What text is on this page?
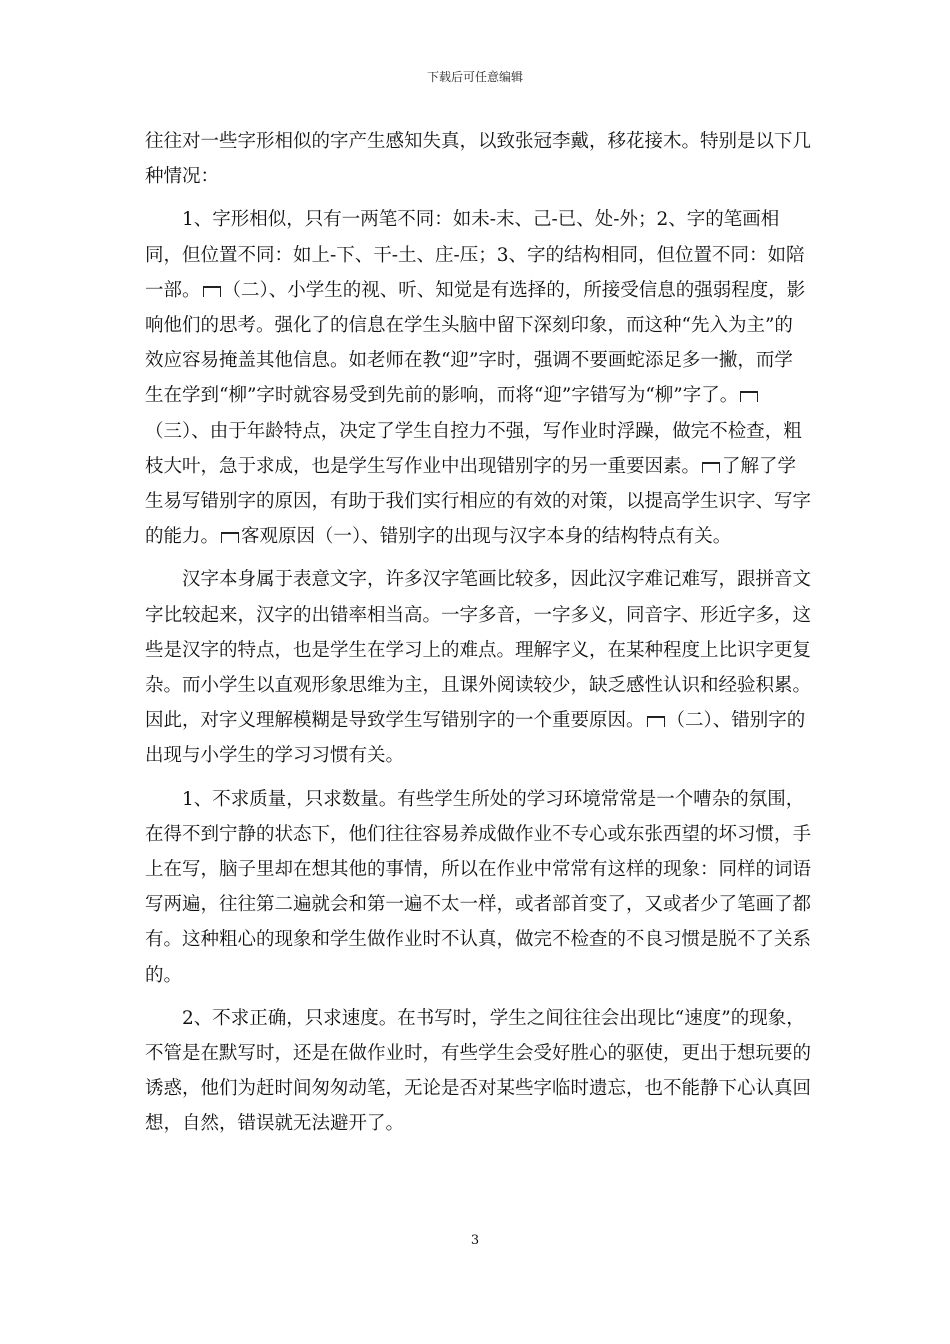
下载后可任意编辑

往往对一些字形相似的字产生感知失真，以致张冠李戴，移花接木。特别是以下几种情况：

1、字形相似，只有一两笔不同：如未-末、己-已、处-外；2、字的笔画相同，但位置不同：如上-下、干-土、庄-压；3、字的结构相同，但位置不同：如陪一部。 （二）、小学生的视、听、知觉是有选择的，所接受信息的强弱程度，影响他们的思考。强化了的信息在学生头脑中留下深刻印象，而这种“先入为主”的效应容易掩盖其他信息。如老师在教“迎”字时，强调不要画蛇添足多一撇，而学生在学到“柳”字时就容易受到先前的影响，而将“迎”字错写为“柳”字了。（三）、由于年龄特点，决定了学生自控力不强，写作业时浮躁，做完不检查，粗枝大叶，急于求成，也是学生写作业中出现错别字的另一重要因素。 了解了学生易写错别字的原因，有助于我们实行相应的有效的对策，以提高学生识字、写字的能力。 客观原因（一）、错别字的出现与汉字本身的结构特点有关。

汉字本身属于表意文字，许多汉字笔画比较多，因此汉字难记难写，跟拼音文字比较起来，汉字的出错率相当高。一字多音，一字多义，同音字、形近字多，这些是汉字的特点，也是学生在学习上的难点。理解字义，在某种程度上比识字更复杂。而小学生以直观形象思维为主，且课外阅读较少，缺乏感性认识和经验积累。因此，对字义理解模糊是导致学生写错别字的一个重要原因。 （二）、错别字的出现与小学生的学习习惯有关。

1、不求质量，只求数量。有些学生所处的学习环境常常是一个嘈杂的氛围，在得不到宁静的状态下，他们往往容易养成做作业不专心或东张西望的坏习惯，手上在写，脑子里却在想其他的事情，所以在作业中常常有这样的现象：同样的词语写两遍，往往第二遍就会和第一遍不太一样，或者部首变了，又或者少了笔画了都有。这种粗心的现象和学生做作业时不认真，做完不检查的不良习惯是脱不了关系的。

2、不求正确，只求速度。在书写时，学生之间往往会出现比“速度”的现象，不管是在默写时，还是在做作业时，有些学生会受好胜心的驱使，更出于想玩要的诱惑，他们为赶时间匆匆动笔，无论是否对某些字临时遗忘，也不能静下心认真回想，自然，错误就无法避开了。

3
